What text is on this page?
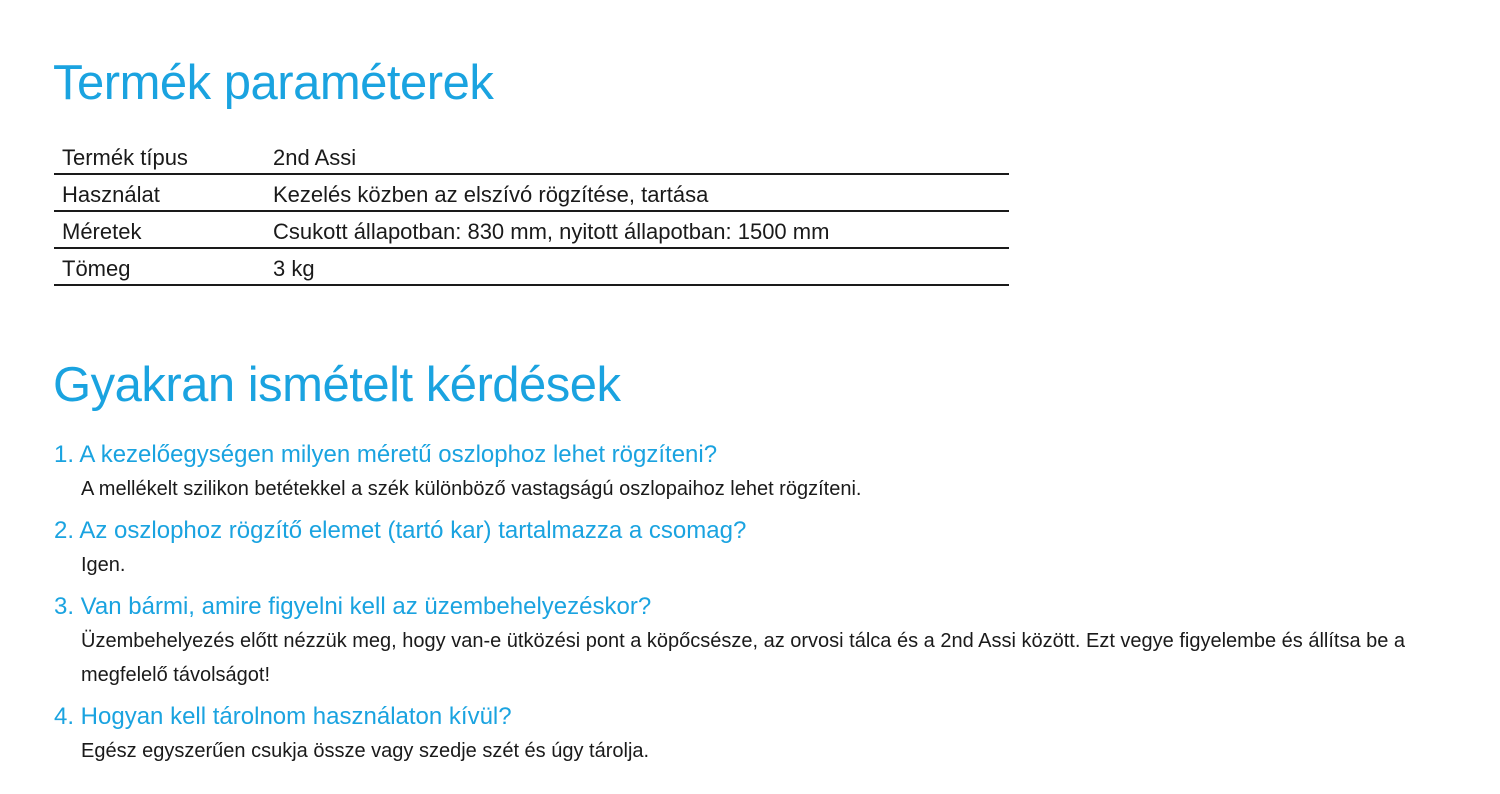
Termék paraméterek
Termék típus	2nd Assi
Használat	Kezelés közben az elszívó rögzítése, tartása
Méretek	Csukott állapotban: 830 mm, nyitott állapotban: 1500 mm
Tömeg	3 kg
Gyakran ismételt kérdések
1. A kezelőegységen milyen méretű oszlophoz lehet rögzíteni?
A mellékelt szilikon betétekkel a szék különböző vastagságú oszlopaihoz lehet rögzíteni.
2. Az oszlophoz rögzítő elemet (tartó kar) tartalmazza a csomag?
Igen.
3. Van bármi, amire figyelni kell az üzembehelyezéskor?
Üzembehelyezés előtt nézzük meg, hogy van-e ütközési pont a köpőcsésze, az orvosi tálca és a 2nd Assi között. Ezt vegye figyelembe és állítsa be a megfelelő távolságot!
4. Hogyan kell tárolnom használaton kívül?
Egész egyszerűen csukja össze vagy szedje szét és úgy tárolja.
